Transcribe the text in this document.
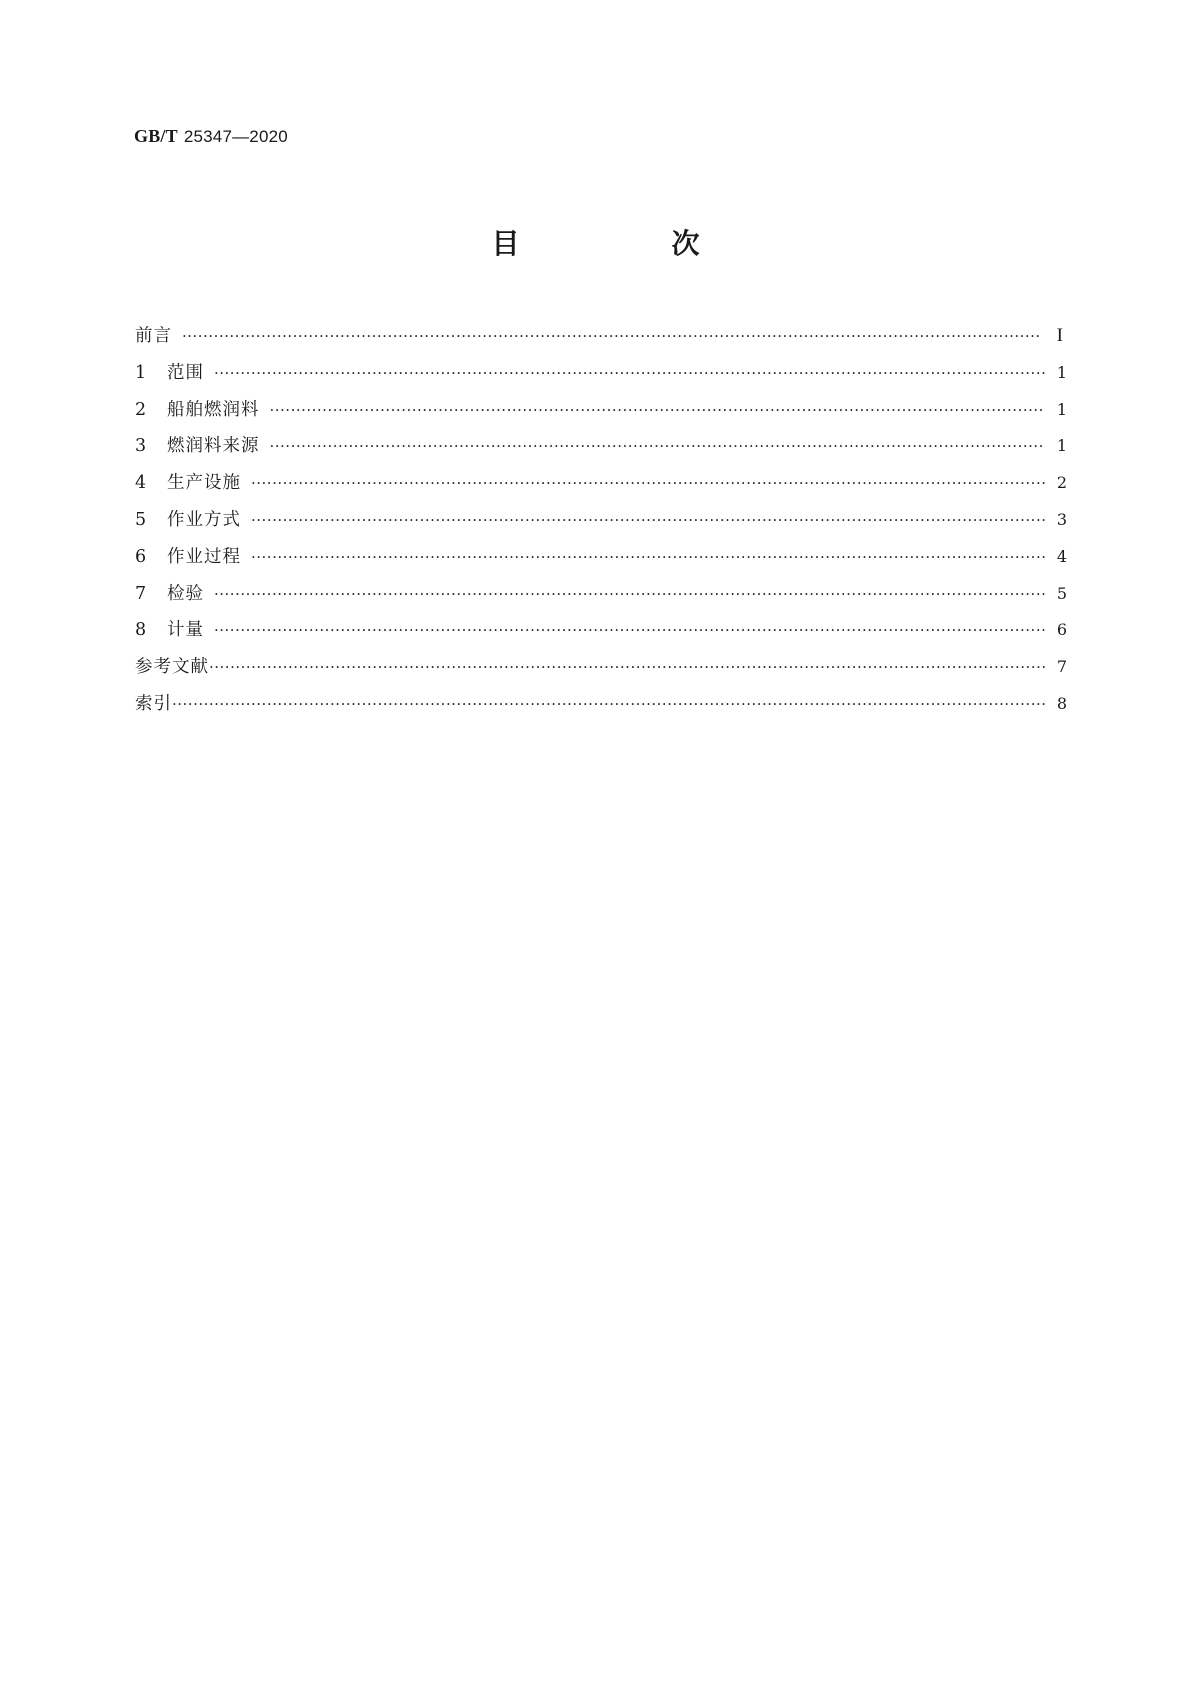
GB/T 25347—2020
目　次
前言 ·····	I
1	范围 ·····	1
2	船舶燃润料 ·····	1
3	燃润料来源 ·····	1
4	生产设施 ·····	2
5	作业方式 ·····	3
6	作业过程 ·····	4
7	检验 ·····	5
8	计量 ·····	6
参考文献 ·····	7
索引 ·····	8
